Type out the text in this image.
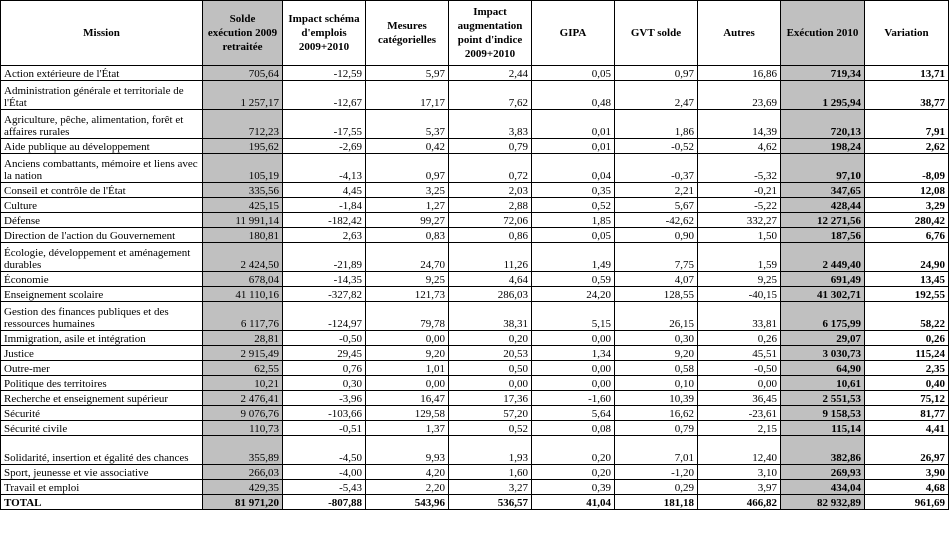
Mission	Solde exécution 2009 retraitée	Impact schéma d'emplois 2009+2010	Mesures catégorielles	Impact augmentation point d'indice 2009+2010	GIPA	GVT solde	Autres	Exécution 2010	Variation
Action extérieure de l'État	705,64	-12,59	5,97	2,44	0,05	0,97	16,86	719,34	13,71
Administration générale et territoriale de l'État	1 257,17	-12,67	17,17	7,62	0,48	2,47	23,69	1 295,94	38,77
Agriculture, pêche, alimentation, forêt et affaires rurales	712,23	-17,55	5,37	3,83	0,01	1,86	14,39	720,13	7,91
Aide publique au développement	195,62	-2,69	0,42	0,79	0,01	-0,52	4,62	198,24	2,62
Anciens combattants, mémoire et liens avec la nation	105,19	-4,13	0,97	0,72	0,04	-0,37	-5,32	97,10	-8,09
Conseil et contrôle de l'État	335,56	4,45	3,25	2,03	0,35	2,21	-0,21	347,65	12,08
Culture	425,15	-1,84	1,27	2,88	0,52	5,67	-5,22	428,44	3,29
Défense	11 991,14	-182,42	99,27	72,06	1,85	-42,62	332,27	12 271,56	280,42
Direction de l'action du Gouvernement	180,81	2,63	0,83	0,86	0,05	0,90	1,50	187,56	6,76
Écologie, développement et aménagement durables	2 424,50	-21,89	24,70	11,26	1,49	7,75	1,59	2 449,40	24,90
Économie	678,04	-14,35	9,25	4,64	0,59	4,07	9,25	691,49	13,45
Enseignement scolaire	41 110,16	-327,82	121,73	286,03	24,20	128,55	-40,15	41 302,71	192,55
Gestion des finances publiques et des ressources humaines	6 117,76	-124,97	79,78	38,31	5,15	26,15	33,81	6 175,99	58,22
Immigration, asile et intégration	28,81	-0,50	0,00	0,20	0,00	0,30	0,26	29,07	0,26
Justice	2 915,49	29,45	9,20	20,53	1,34	9,20	45,51	3 030,73	115,24
Outre-mer	62,55	0,76	1,01	0,50	0,00	0,58	-0,50	64,90	2,35
Politique des territoires	10,21	0,30	0,00	0,00	0,00	0,10	0,00	10,61	0,40
Recherche et enseignement supérieur	2 476,41	-3,96	16,47	17,36	-1,60	10,39	36,45	2 551,53	75,12
Sécurité	9 076,76	-103,66	129,58	57,20	5,64	16,62	-23,61	9 158,53	81,77
Sécurité civile	110,73	-0,51	1,37	0,52	0,08	0,79	2,15	115,14	4,41
Solidarité, insertion et égalité des chances	355,89	-4,50	9,93	1,93	0,20	7,01	12,40	382,86	26,97
Sport, jeunesse et vie associative	266,03	-4,00	4,20	1,60	0,20	-1,20	3,10	269,93	3,90
Travail et emploi	429,35	-5,43	2,20	3,27	0,39	0,29	3,97	434,04	4,68
TOTAL	81 971,20	-807,88	543,96	536,57	41,04	181,18	466,82	82 932,89	961,69
